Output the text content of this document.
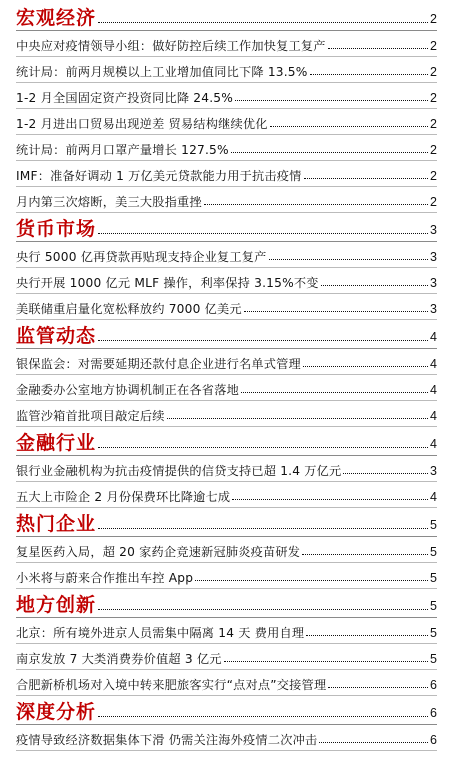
宏观经济	2
中央应对疫情领导小组：做好防控后续工作加快复工复产	2
统计局：前两月规模以上工业增加值同比下降 13.5%	2
1-2 月全国固定资产投资同比降 24.5%	2
1-2 月进出口贸易出现逆差 贸易结构继续优化	2
统计局：前两月口罩产量增长 127.5%	2
IMF：准备好调动 1 万亿美元贷款能力用于抗击疫情	2
月内第三次熔断，美三大股指重挫	2
货币市场	3
央行 5000 亿再贷款再贴现支持企业复工复产	3
央行开展 1000 亿元 MLF 操作，利率保持 3.15%不变	3
美联储重启量化宽松释放约 7000 亿美元	3
监管动态	4
银保监会：对需要延期还款付息企业进行名单式管理	4
金融委办公室地方协调机制正在各省落地	4
监管沙箱首批项目敲定后续	4
金融行业	4
银行业金融机构为抗击疫情提供的信贷支持已超 1.4 万亿元	3
五大上市险企 2 月份保费环比降逾七成	4
热门企业	5
复星医药入局，超 20 家药企竞速新冠肺炎疫苗研发	5
小米将与蔚来合作推出车控 App	5
地方创新	5
北京：所有境外进京人员需集中隔离 14 天 费用自理	5
南京发放 7 大类消费券价值超 3 亿元	5
合肥新桥机场对入境中转来肥旅客实行“点对点”交接管理	6
深度分析	6
疫情导致经济数据集体下滑 仍需关注海外疫情二次冲击	6
